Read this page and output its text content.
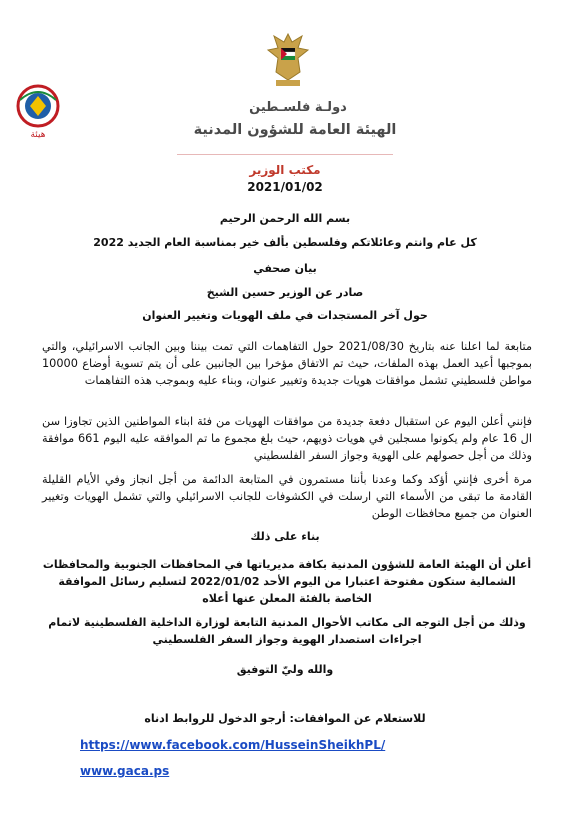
هيئة
دولـة فلسـطين
الهيئة العامة للشؤون المدنية
مكتب الوزير
2021/01/02
بسم الله الرحمن الرحيم
كل عام وانتم وعائلاتكم وفلسطين بألف خير بمناسبة العام الجديد 2022
بيان صحفي
صادر عن الوزير حسين الشيخ
حول آخر المستجدات في ملف الهويات وتغيير العنوان
متابعة لما اعلنا عنه بتاريخ 2021/08/30 حول التفاهمات التي تمت بيننا وبين الجانب الاسرائيلي، والتي بموجبها أعيد العمل بهذه الملفات، حيث تم الاتفاق مؤخرا بين الجانبين على أن يتم تسوية أوضاع 10000 مواطن فلسطيني تشمل موافقات هويات جديدة وتغيير عنوان، وبناء عليه وبموجب هذه التفاهمات
فإنني أعلن اليوم عن استقبال دفعة جديدة من موافقات الهويات من فئة ابناء المواطنين الذين تجاوزا سن ال 16 عام ولم يكونوا مسجلين في هويات ذويهم، حيث بلغ مجموع ما تم الموافقه عليه اليوم 661 موافقة وذلك من أجل حصولهم على الهوية وجواز السفر الفلسطيني
مرة أخرى فإنني أؤكد وكما وعدنا بأننا مستمرون في المتابعة الدائمة من أجل انجاز وفي الأيام القليلة القادمة ما تبقى من الأسماء التي ارسلت في الكشوفات للجانب الاسرائيلي والتي تشمل الهويات وتغيير العنوان من جميع محافظات الوطن
بناء على ذلك
أعلن أن الهيئة العامة للشؤون المدنية بكافة مديرياتها في المحافظات الجنوبية والمحافظات الشمالية ستكون مفتوحة اعتبارا من اليوم الأحد 2022/01/02 لتسليم رسائل الموافقة الخاصة بالفئة المعلن عنها أعلاه
وذلك من أجل التوجه الى مكاتب الأحوال المدنية التابعة لوزارة الداخلية الفلسطينية لاتمام اجراءات استصدار الهوية وجواز السفر الفلسطيني
والله وليّ التوفيق
للاستعلام عن الموافقات: أرجو الدخول للروابط ادناه
https://www.facebook.com/HusseinSheikhPL/
www.gaca.ps
